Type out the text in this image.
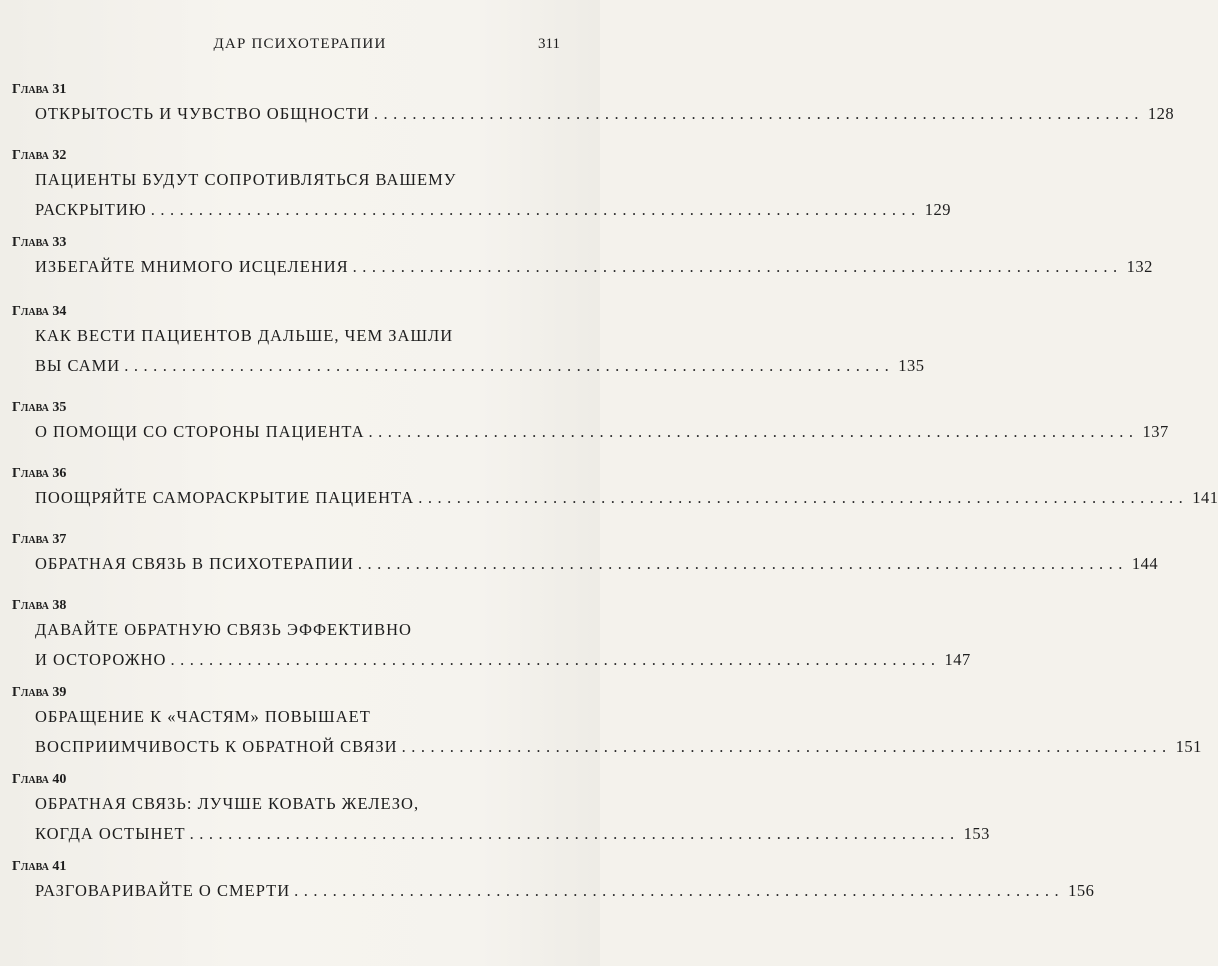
ДАР ПСИХОТЕРАПИИ	311
Глава 31
ОТКРЫТОСТЬ И ЧУВСТВО ОБЩНОСТИ ................................................................................ 128
Глава 32
ПАЦИЕНТЫ БУДУТ СОПРОТИВЛЯТЬСЯ ВАШЕМУ
РАСКРЫТИЮ ................................................................................ 129
Глава 33
ИЗБЕГАЙТЕ МНИМОГО ИСЦЕЛЕНИЯ ................................................................................ 132
Глава 34
КАК ВЕСТИ ПАЦИЕНТОВ ДАЛЬШЕ, ЧЕМ ЗАШЛИ
ВЫ САМИ ................................................................................ 135
Глава 35
О ПОМОЩИ СО СТОРОНЫ ПАЦИЕНТА ................................................................................ 137
Глава 36
ПООЩРЯЙТЕ САМОРАСКРЫТИЕ ПАЦИЕНТА ................................................................................ 141
Глава 37
ОБРАТНАЯ СВЯЗЬ В ПСИХОТЕРАПИИ ................................................................................ 144
Глава 38
ДАВАЙТЕ ОБРАТНУЮ СВЯЗЬ ЭФФЕКТИВНО
И ОСТОРОЖНО ................................................................................ 147
Глава 39
ОБРАЩЕНИЕ К «ЧАСТЯМ» ПОВЫШАЕТ
ВОСПРИИМЧИВОСТЬ К ОБРАТНОЙ СВЯЗИ ................................................................................ 151
Глава 40
ОБРАТНАЯ СВЯЗЬ: ЛУЧШЕ КОВАТЬ ЖЕЛЕЗО,
КОГДА ОСТЫНЕТ ................................................................................ 153
Глава 41
РАЗГОВАРИВАЙТЕ О СМЕРТИ ................................................................................ 156
